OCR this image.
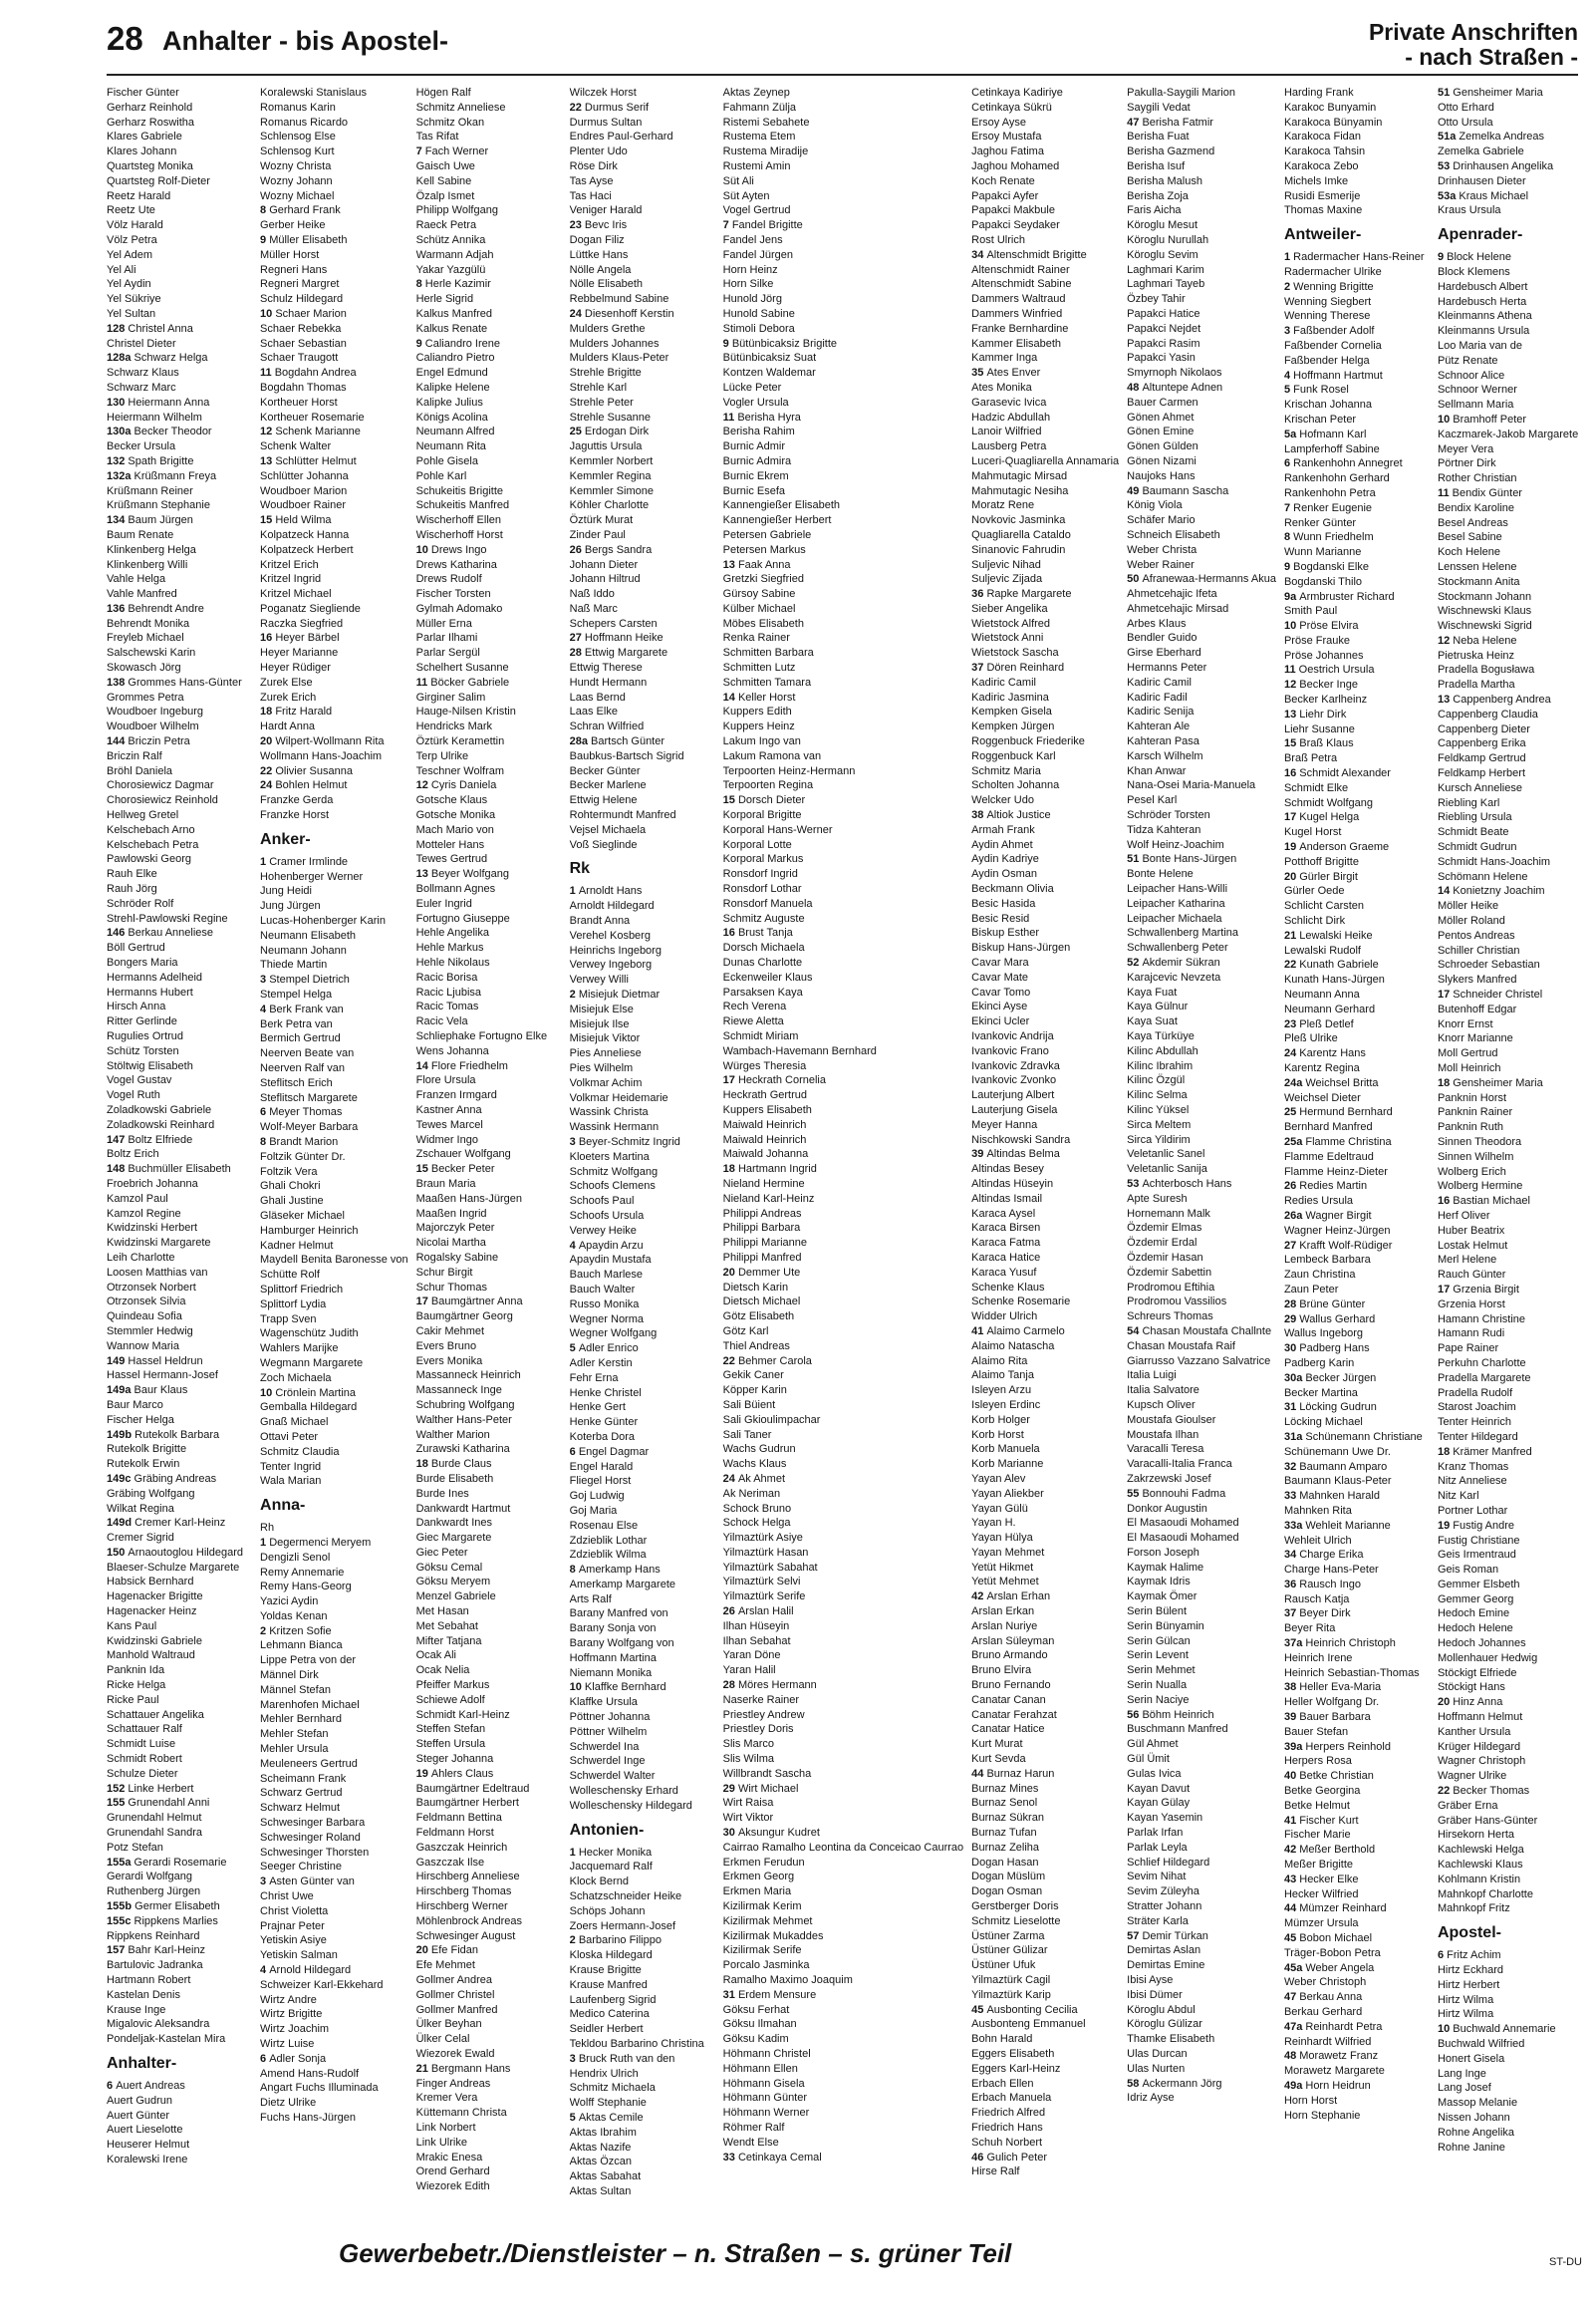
28 Anhalter - bis Apostel-	Private Anschriften
- nach Straßen -
Fischer Günter
Gerharz Reinhold
Gerharz Roswitha
Klares Gabriele
Klares Johann
Quartsteg Monika
Quartsteg Rolf-Dieter
Reetz Harald
Reetz Ute
Völz Harald
Völz Petra
Yel Adem
Yel Ali
Yel Aydin
Yel Sükriye
Yel Sultan
128 Christel Anna
Christel Dieter
128a Schwarz Helga
Schwarz Klaus
Schwarz Marc
130 Heiermann Anna
Heiermann Wilhelm
130a Becker Theodor
Becker Ursula
132 Spath Brigitte
132a Krüßmann Freya
Krüßmann Reiner
Krüßmann Stephanie
134 Baum Jürgen
Baum Renate
Klinkenberg Helga
Klinkenberg Willi
Vahle Helga
Vahle Manfred
136 Behrendt Andre
Behrendt Monika
Freyleb Michael
Salschewski Karin
Skowasch Jörg
138 Grommes Hans-Günter
Grommes Petra
Woudboer Ingeburg
Woudboer Wilhelm
144 Briczin Petra
Briczin Ralf
Bröhl Daniela
Chorosiewicz Dagmar
Chorosiewicz Reinhold
Hellweg Gretel
Kelschebach Arno
Kelschebach Petra
Pawlowski Georg
Rauh Elke
Rauh Jörg
Schröder Rolf
Strehl-Pawlowski Regine
146 Berkau Anneliese
Böll Gertrud
Bongers Maria
Hermanns Adelheid
Hermanns Hubert
Hirsch Anna
Ritter Gerlinde
Rugulies Ortrud
Schütz Torsten
Stöltwig Elisabeth
Vogel Gustav
Vogel Ruth
Zoladkowski Gabriele
Zoladkowski Reinhard
147 Boltz Elfriede
Boltz Erich
148 Buchmüller Elisabeth
Froebrich Johanna
Kamzol Paul
Kamzol Regine
Kwidzinski Herbert
Kwidzinski Margarete
Leih Charlotte
Loosen Matthias van
Otrzonsek Norbert
Otrzonsek Silvia
Quindeau Sofia
Stemmler Hedwig
Wannow Maria
149 Hassel Heldrun
Hassel Hermann-Josef
149a Baur Klaus
Baur Marco
Fischer Helga
149b Rutekolk Barbara
Rutekolk Brigitte
Rutekolk Erwin
149c Gräbing Andreas
Gräbing Wolfgang
Wilkat Regina
149d Cremer Karl-Heinz
Cremer Sigrid
150 Arnaoutoglou Hildegard
Blaeser-Schulze Margarete
Habsick Bernhard
Hagenacker Brigitte
Hagenacker Heinz
Kans Paul
Kwidzinski Gabriele
Manhold Waltraud
Panknin Ida
Ricke Helga
Ricke Paul
Schattauer Angelika
Schattauer Ralf
Schmidt Luise
Schmidt Robert
Schulze Dieter
152 Linke Herbert
155 Grunendahl Anni
Grunendahl Helmut
Grunendahl Sandra
Potz Stefan
155a Gerardi Rosemarie
Gerardi Wolfgang
Ruthenberg Jürgen
155b Germer Elisabeth
155c Rippkens Marlies
Rippkens Reinhard
157 Bahr Karl-Heinz
Bartulovic Jadranka
Hartmann Robert
Kastelan Denis
Krause Inge
Migalovic Aleksandra
Pondeljak-Kastelan Mira
Anhalter-
6 Auert Andreas
Auert Gudrun
Auert Günter
Auert Lieselotte
Heuserer Helmut
Koralewski Irene
Koralewski Stanislaus
Romanus Karin
Romanus Ricardo
Schlensog Else
Schlensog Kurt
Wozny Christa
Wozny Johann
Wozny Michael
8 Gerhard Frank
Gerber Heike
9 Müller Elisabeth
Müller Horst
Regneri Hans
Regneri Margret
Schulz Hildegard
10 Schaer Marion
Schaer Rebekka
Schaer Sebastian
Schaer Traugott
11 Bogdahn Andrea
Bogdahn Thomas
Kortheuer Horst
Kortheuer Rosemarie
12 Schenk Marianne
Schenk Walter
13 Schlütter Helmut
Schlütter Johanna
Woudboer Marion
Woudboer Rainer
15 Held Wilma
Kolpatzeck Hanna
Kolpatzeck Herbert
Kritzel Erich
Kritzel Ingrid
Kritzel Michael
Poganatz Siegliende
Raczka Siegfried
16 Heyer Bärbel
Heyer Marianne
Heyer Rüdiger
Zurek Else
Zurek Erich
18 Fritz Harald
Hardt Anna
20 Wilpert-Wollmann Rita
Wollmann Hans-Joachim
22 Olivier Susanna
24 Bohlen Helmut
Franzke Gerda
Franzke Horst
Anker-
1 Cramer Irmlinde
Hohenberger Werner
Jung Heidi
Jung Jürgen
Lucas-Hohenberger Karin
Neumann Elisabeth
Neumann Johann
Thiede Martin
3 Stempel Dietrich
Stempel Helga
4 Berk Frank van
Berk Petra van
Bermich Gertrud
Neerven Beate van
Neerven Ralf van
Steflitsch Erich
Steflitsch Margarete
6 Meyer Thomas
Wolf-Meyer Barbara
8 Brandt Marion
Foltzik Günter Dr.
Foltzik Vera
Ghali Chokri
Ghali Justine
Gläseker Michael
Hamburger Heinrich
Kadner Helmut
Maydell Benita Baronesse von
Schütte Rolf
Splittorf Friedrich
Splittorf Lydia
Trapp Sven
Wagenschütz Judith
Wahlers Marijke
Wegmann Margarete
Zoch Michaela
10 Crönlein Martina
Gemballa Hildegard
Gnaß Michael
Ottavi Peter
Schmitz Claudia
Tenter Ingrid
Wala Marian
Anna-
Rh
1 Degermenci Meryem
Dengizli Senol
Remy Annemarie
Remy Hans-Georg
Yazici Aydin
Yoldas Kenan
2 Kritzen Sofie
Lehmann Bianca
Lippe Petra von der
Männel Dirk
Männel Stefan
Marenhofen Michael
Mehler Bernhard
Mehler Stefan
Mehler Ursula
Meuleneers Gertrud
Scheimann Frank
Schwarz Gertrud
Schwarz Helmut
Schwesinger Barbara
Schwesinger Roland
Schwesinger Thorsten
Seeger Christine
3 Asten Günter van
Christ Uwe
Christ Violetta
Prajnar Peter
Yetiskin Asiye
Yetiskin Salman
4 Arnold Hildegard
Schweizer Karl-Ekkehard
Wirtz Andre
Wirtz Brigitte
Wirtz Joachim
Wirtz Luise
6 Adler Sonja
Amend Hans-Rudolf
Angart Fuchs Illuminada
Dietz Ulrike
Fuchs Hans-Jürgen
Högen Ralf
Schmitz Anneliese
Schmitz Okan
Tas Rifat
7 Fach Werner
Gaisch Uwe
Kell Sabine
Özalp Ismet
Philipp Wolfgang
Raeck Petra
Schütz Annika
Warmann Adjah
Yakar Yazgülü
8 Herle Kazimir
Herle Sigrid
Kalkus Manfred
Kalkus Renate
9 Caliandro Irene
Caliandro Pietro
Engel Edmund
Kalipke Helene
Kalipke Julius
Königs Acolina
Neumann Alfred
Neumann Rita
Pohle Gisela
Pohle Karl
Schukeitis Brigitte
Schukeitis Manfred
Wischerhoff Ellen
Wischerhoff Horst
10 Drews Ingo
Drews Katharina
Drews Rudolf
Fischer Torsten
Gylmah Adomako
Müller Erna
Parlar Ilhami
Parlar Sergül
Schelhert Susanne
11 Böcker Gabriele
Girginer Salim
Hauge-Nilsen Kristin
Hendricks Mark
Öztürk Keramettin
Terp Ulrike
Teschner Wolfram
12 Cyris Daniela
Gotsche Klaus
Gotsche Monika
Mach Mario von
Motteler Hans
Tewes Gertrud
13 Beyer Wolfgang
Bollmann Agnes
Euler Ingrid
Fortugno Giuseppe
Hehle Angelika
Hehle Markus
Hehle Nikolaus
Racic Borisa
Racic Ljubisa
Racic Tomas
Racic Vela
Schliephake Fortugno Elke
Wens Johanna
14 Flore Friedhelm
Flore Ursula
Franzen Irmgard
Kastner Anna
Tewes Marcel
Widmer Ingo
Zschauer Wolfgang
15 Becker Peter
Braun Maria
Maaßen Hans-Jürgen
Maaßen Ingrid
Majorczyk Peter
Nicolai Martha
Rogalsky Sabine
Schur Birgit
Schur Thomas
17 Baumgärtner Anna
Baumgärtner Georg
Cakir Mehmet
Evers Bruno
Evers Monika
Massanneck Heinrich
Massanneck Inge
Schubring Wolfgang
Walther Hans-Peter
Walther Marion
Zurawski Katharina
18 Burde Claus
Burde Elisabeth
Burde Ines
Dankwardt Hartmut
Dankwardt Ines
Giec Margarete
Giec Peter
Göksu Cemal
Göksu Meryem
Menzel Gabriele
Met Hasan
Met Sebahat
Mifter Tatjana
Ocak Ali
Ocak Nelia
Pfeiffer Markus
Schiewe Adolf
Schmidt Karl-Heinz
Steffen Stefan
Steffen Ursula
Steger Johanna
19 Ahlers Claus
Baumgärtner Edeltraud
Baumgärtner Herbert
Feldmann Bettina
Feldmann Horst
Gaszczak Heinrich
Gaszczak Ilse
Hirschberg Anneliese
Hirschberg Thomas
Hirschberg Werner
Möhlenbrock Andreas
Schwesinger August
20 Efe Fidan
Efe Mehmet
Gollmer Andrea
Gollmer Christel
Gollmer Manfred
Ülker Beyhan
Ülker Celal
Wiezorek Ewald
21 Bergmann Hans
Finger Andreas
Kremer Vera
Küttemann Christa
Link Norbert
Link Ulrike
Mrakic Enesa
Orend Gerhard
Wiezorek Edith
Wilczek Horst
22 Durmus Serif
Durmus Sultan
Endres Paul-Gerhard
Plenter Udo
Röse Dirk
Tas Ayse
Tas Haci
Veniger Harald
23 Bevc Iris
Dogan Filiz
Lüttke Hans
Nölle Angela
Nölle Elisabeth
Rebbelmund Sabine
24 Diesenhoff Kerstin
Mulders Grethe
Mulders Johannes
Mulders Klaus-Peter
Strehle Brigitte
Strehle Karl
Strehle Peter
Strehle Susanne
25 Erdogan Dirk
Jaguttis Ursula
Kemmler Norbert
Kemmler Regina
Kemmler Simone
Köhler Charlotte
Öztürk Murat
Zinder Paul
26 Bergs Sandra
Johann Dieter
Johann Hiltrud
Naß Iddo
Naß Marc
Schepers Carsten
27 Hoffmann Heike
28 Ettwig Margarete
Ettwig Therese
Hundt Hermann
Laas Bernd
Laas Elke
Schran Wilfried
28a Bartsch Günter
Baubkus-Bartsch Sigrid
Becker Günter
Becker Marlene
Ettwig Helene
Rohtermundt Manfred
Vejsel Michaela
Voß Sieglinde
Rk
1 Arnoldt Hans
Arnoldt Hildegard
Brandt Anna
Verehel Kosberg
Heinrichs Ingeborg
Verwey Ingeborg
Verwey Willi
2 Misiejuk Dietmar
Misiejuk Else
Misiejuk Ilse
Misiejuk Viktor
Pies Anneliese
Pies Wilhelm
Volkmar Achim
Volkmar Heidemarie
Wassink Christa
Wassink Hermann
3 Beyer-Schmitz Ingrid
Kloeters Martina
Schmitz Wolfgang
Schoofs Clemens
Schoofs Paul
Schoofs Ursula
Verwey Heike
4 Apaydin Arzu
Apaydin Mustafa
Bauch Marlese
Bauch Walter
Russo Monika
Wegner Norma
Wegner Wolfgang
5 Adler Enrico
Adler Kerstin
Fehr Erna
Henke Christel
Henke Gert
Henke Günter
Koterba Dora
6 Engel Dagmar
Engel Harald
Fliegel Horst
Goj Ludwig
Goj Maria
Rosenau Else
Zdzieblik Lothar
Zdzieblik Wilma
8 Amerkamp Hans
Amerkamp Margarete
Arts Ralf
Barany Manfred von
Barany Sonja von
Barany Wolfgang von
Hoffmann Martina
Niemann Monika
10 Klaffke Bernhard
Klaffke Ursula
Pöttner Johanna
Pöttner Wilhelm
Schwerdel Ina
Schwerdel Inge
Schwerdel Walter
Wolleschensky Erhard
Wolleschensky Hildegard
Antonien-
1 Hecker Monika
Jacquemard Ralf
Klock Bernd
Schatzschneider Heike
Schöps Johann
Zoers Hermann-Josef
2 Barbarino Filippo
Kloska Hildegard
Krause Brigitte
Krause Manfred
Laufenberg Sigrid
Medico Caterina
Seidler Herbert
Tekldou Barbarino Christina
3 Bruck Ruth van den
Hendrix Ulrich
Schmitz Michaela
Wolff Stephanie
5 Aktas Cemile
Aktas Ibrahim
Aktas Nazife
Aktas Özcan
Aktas Sabahat
Aktas Sultan
Aktas Zeynep
Fahmann Zülja
Ristemi Sebahete
Rustema Etem
Rustema Miradije
Rustemi Amin
Süt Ali
Süt Ayten
Vogel Gertrud
7 Fandel Brigitte
Fandel Jens
Fandel Jürgen
Horn Heinz
Horn Silke
Hunold Jörg
Hunold Sabine
Stimoli Debora
9 Bütünbicaksiz Brigitte
Bütünbicaksiz Suat
Kontzen Waldemar
Lücke Peter
Vogler Ursula
11 Berisha Hyra
Berisha Rahim
Burnic Admir
Burnic Admira
Burnic Ekrem
Burnic Esefa
Kannengießer Elisabeth
Kannengießer Herbert
Petersen Gabriele
Petersen Markus
13 Faak Anna
Gretzki Siegfried
Gürsoy Sabine
Külber Michael
Möbes Elisabeth
Renka Rainer
Schmitten Barbara
Schmitten Lutz
Schmitten Tamara
14 Keller Horst
Kuppers Edith
Kuppers Heinz
Lakum Ingo van
Lakum Ramona van
Terpoorten Heinz-Hermann
Terpoorten Regina
15 Dorsch Dieter
Korporal Brigitte
Korporal Hans-Werner
Korporal Lotte
Korporal Markus
Ronsdorf Ingrid
Ronsdorf Lothar
Ronsdorf Manuela
Schmitz Auguste
16 Brust Tanja
Dorsch Michaela
Dunas Charlotte
Eckenweiler Klaus
Parsaksen Kaya
Rech Verena
Riewe Aletta
Schmidt Miriam
Wambach-Havemann Bernhard
Würges Theresia
17 Heckrath Cornelia
Heckrath Gertrud
Kuppers Elisabeth
Maiwald Heinrich
Maiwald Heinrich
Maiwald Johanna
18 Hartmann Ingrid
Nieland Hermine
Nieland Karl-Heinz
Philippi Andreas
Philippi Barbara
Philippi Marianne
Philippi Manfred
20 Demmer Ute
Dietsch Karin
Dietsch Michael
Götz Elisabeth
Götz Karl
Thiel Andreas
22 Behmer Carola
Gekik Caner
Köpper Karin
Sali Büient
Sali Gkioulimpachar
Sali Taner
Wachs Gudrun
Wachs Klaus
24 Ak Ahmet
Ak Neriman
Schock Bruno
Schock Helga
Yilmaztürk Asiye
Yilmaztürk Hasan
Yilmaztürk Sabahat
Yilmaztürk Selvi
Yilmaztürk Serife
26 Arslan Halil
Ilhan Hüseyin
Ilhan Sebahat
Yaran Döne
Yaran Halil
28 Möres Hermann
Naserke Rainer
Priestley Andrew
Priestley Doris
Slis Marco
Slis Wilma
Willbrandt Sascha
29 Wirt Michael
Wirt Raisa
Wirt Viktor
30 Aksungur Kudret
Cairrao Ramalho Leontina da Conceicao Caurrao
Erkmen Ferudun
Erkmen Georg
Erkmen Maria
Kizilirmak Kerim
Kizilirmak Mehmet
Kizilirmak Mukaddes
Kizilirmak Serife
Porcalo Jasminka
Ramalho Maximo Joaquim
31 Erdem Mensure
Göksu Ferhat
Göksu Ilmahan
Göksu Kadim
Höhmann Christel
Höhmann Ellen
Höhmann Gisela
Höhmann Günter
Höhmann Werner
Röhmer Ralf
Wendt Else
33 Cetinkaya Cemal
Cetinkaya Kadiriye
Cetinkaya Sükrü
Ersoy Ayse
Ersoy Mustafa
Jaghou Fatima
Jaghou Mohamed
Koch Renate
Papakci Ayfer
Papakci Makbule
Papakci Seydaker
Rost Ulrich
34 Altenschmidt Brigitte
Altenschmidt Rainer
Altenschmidt Sabine
Dammers Waltraud
Dammers Winfried
Franke Bernhardine
Kammer Elisabeth
Kammer Inga
35 Ates Enver
Ates Monika
Garasevic Ivica
Hadzic Abdullah
Lanoir Wilfried
Lausberg Petra
Luceri-Quagliarella Annamaria
Mahmutagic Mirsad
Mahmutagic Nesiha
Moratz Rene
Novkovic Jasminka
Quagliarella Cataldo
Sinanovic Fahrudin
Suljevic Nihad
Suljevic Zijada
36 Rapke Margarete
Sieber Angelika
Wietstock Alfred
Wietstock Anni
Wietstock Sascha
37 Dören Reinhard
Kadiric Camil
Kadiric Jasmina
Kempken Gisela
Kempken Jürgen
Roggenbuck Friederike
Roggenbuck Karl
Schmitz Maria
Scholten Johanna
Welcker Udo
38 Altiok Justice
Armah Frank
Aydin Ahmet
Aydin Kadriye
Aydin Osman
Beckmann Olivia
Besic Hasida
Besic Resid
Biskup Esther
Biskup Hans-Jürgen
Cavar Mara
Cavar Mate
Cavar Tomo
Ekinci Ayse
Ekinci Ucler
Ivankovic Andrija
Ivankovic Frano
Ivankovic Zdravka
Ivankovic Zvonko
Lauterjung Albert
Lauterjung Gisela
Meyer Hanna
Nischkowski Sandra
39 Altindas Belma
Altindas Besey
Altindas Hüseyin
Altindas Ismail
Karaca Aysel
Karaca Birsen
Karaca Fatma
Karaca Hatice
Karaca Yusuf
Schenke Klaus
Schenke Rosemarie
Widder Ulrich
41 Alaimo Carmelo
Alaimo Natascha
Alaimo Rita
Alaimo Tanja
Isleyen Arzu
Isleyen Erdinc
Korb Holger
Korb Horst
Korb Manuela
Korb Marianne
Yayan Alev
Yayan Aliekber
Yayan Gülü
Yayan H.
Yayan Hülya
Yayan Mehmet
Yetüt Hikmet
Yetüt Mehmet
42 Arslan Erhan
Arslan Erkan
Arslan Nuriye
Arslan Süleyman
Bruno Armando
Bruno Elvira
Bruno Fernando
Canatar Canan
Canatar Ferahzat
Canatar Hatice
Kurt Murat
Kurt Sevda
44 Burnaz Harun
Burnaz Mines
Burnaz Senol
Burnaz Sükran
Burnaz Tufan
Burnaz Zeliha
Dogan Hasan
Dogan Müslüm
Dogan Osman
Gerstberger Doris
Schmitz Lieselotte
Üstüner Zarma
Üstüner Gülizar
Üstüner Ufuk
Yilmaztürk Cagil
Yilmaztürk Karip
45 Ausbonting Cecilia
Ausbonteng Emmanuel
Bohn Harald
Eggers Elisabeth
Eggers Karl-Heinz
Erbach Ellen
Erbach Manuela
Friedrich Alfred
Friedrich Hans
Schuh Norbert
46 Gulich Peter
Hirse Ralf
Pakulla-Saygili Marion
Saygili Vedat
47 Berisha Fatmir
Berisha Fuat
Berisha Gazmend
Berisha Isuf
Berisha Malush
Berisha Zoja
Faris Aicha
Köroglu Mesut
Köroglu Nurullah
Köroglu Sevim
Laghmari Karim
Laghmari Tayeb
Özbey Tahir
Papakci Hatice
Papakci Nejdet
Papakci Rasim
Papakci Yasin
Smyrnoph Nikolaos
48 Altuntepe Adnen
Bauer Carmen
Gönen Ahmet
Gönen Emine
Gönen Gülden
Gönen Nizami
Naujoks Hans
49 Baumann Sascha
König Viola
Schäfer Mario
Schneich Elisabeth
Weber Christa
Weber Rainer
50 Afranewaa-Hermanns Akua
Ahmetcehajic Ifeta
Ahmetcehajic Mirsad
Arbes Klaus
Bendler Guido
Girse Eberhard
Hermanns Peter
Kadiric Camil
Kadiric Fadil
Kadiric Senija
Kahteran Ale
Kahteran Pasa
Karsch Wilhelm
Khan Anwar
Nana-Osei Maria-Manuela
Pesel Karl
Schröder Torsten
Tidza Kahteran
Wolf Heinz-Joachim
51 Bonte Hans-Jürgen
Bonte Helene
Leipacher Hans-Willi
Leipacher Katharina
Leipacher Michaela
Schwallenberg Martina
Schwallenberg Peter
52 Akdemir Sükran
Karajcevic Nevzeta
Kaya Fuat
Kaya Gülnur
Kaya Suat
Kaya Türküye
Kilinc Abdullah
Kilinc Ibrahim
Kilinc Özgül
Kilinc Selma
Kilinc Yüksel
Sirca Meltem
Sirca Yildirim
Veletanlic Sanel
Veletanlic Sanija
53 Achterbosch Hans
Apte Suresh
Hornemann Malk
Özdemir Elmas
Özdemir Erdal
Özdemir Hasan
Özdemir Sabettin
Prodromou Eftihia
Prodromou Vassilios
Schreurs Thomas
54 Chasan Moustafa Challnte
Chasan Moustafa Raif
Giarrusso Vazzano Salvatrice
Italia Luigi
Italia Salvatore
Kupsch Oliver
Moustafa Gioulser
Moustafa Ilhan
Varacalli Teresa
Varacalli-Italia Franca
Zakrzewski Josef
55 Bonnouhi Fadma
Donkor Augustin
El Masaoudi Mohamed
El Masaoudi Mohamed
Forson Joseph
Kaymak Halime
Kaymak Idris
Kaymak Ömer
Serin Bülent
Serin Bünyamin
Serin Gülcan
Serin Levent
Serin Mehmet
Serin Nualla
Serin Naciye
56 Böhm Heinrich
Buschmann Manfred
Gül Ahmet
Gül Ümit
Gulas Ivica
Kayan Davut
Kayan Gülay
Kayan Yasemin
Parlak Irfan
Parlak Leyla
Schlief Hildegard
Sevim Nihat
Sevim Züleyha
Stratter Johann
Sträter Karla
57 Demir Türkan
Demirtas Aslan
Demirtas Emine
Ibisi Ayse
Ibisi Dümer
Köroglu Abdul
Köroglu Gülizar
Thamke Elisabeth
Ulas Durcan
Ulas Nurten
58 Ackermann Jörg
Idriz Ayse
Harding Frank
Karakoc Bunyamin
Karakoca Bünyamin
Karakoca Fidan
Karakoca Tahsin
Karakoca Zebo
Michels Imke
Rusidi Esmerije
Thomas Maxine
Antweiler-
1 Radermacher Hans-Reiner
Radermacher Ulrike
2 Wenning Brigitte
Wenning Siegbert
Wenning Therese
3 Faßbender Adolf
Faßbender Cornelia
Faßbender Helga
4 Hoffmann Hartmut
5 Funk Rosel
Krischan Johanna
Krischan Peter
5a Hofmann Karl
Lampferhoff Sabine
6 Rankenhohn Annegret
Rankenhohn Gerhard
Rankenhohn Petra
7 Renker Eugenie
Renker Günter
8 Wunn Friedhelm
Wunn Marianne
9 Bogdanski Elke
Bogdanski Thilo
9a Armbruster Richard
Smith Paul
10 Pröse Elvira
Pröse Frauke
Pröse Johannes
11 Oestrich Ursula
12 Becker Inge
Becker Karlheinz
13 Liehr Dirk
Liehr Susanne
15 Braß Klaus
Braß Petra
16 Schmidt Alexander
Schmidt Elke
Schmidt Wolfgang
17 Kugel Helga
Kugel Horst
19 Anderson Graeme
Potthoff Brigitte
20 Gürler Birgit
Gürler Oede
Schlicht Carsten
Schlicht Dirk
21 Lewalski Heike
Lewalski Rudolf
22 Kunath Gabriele
Kunath Hans-Jürgen
Neumann Anna
Neumann Gerhard
23 Pleß Detlef
Pleß Ulrike
24 Karentz Hans
Karentz Regina
24a Weichsel Britta
Weichsel Dieter
25 Hermund Bernhard
Bernhard Manfred
25a Flamme Christina
Flamme Edeltraud
Flamme Heinz-Dieter
26 Redies Martin
Redies Ursula
26a Wagner Birgit
Wagner Heinz-Jürgen
27 Krafft Wolf-Rüdiger
Lembeck Barbara
Zaun Christina
Zaun Peter
28 Brüne Günter
29 Wallus Gerhard
Wallus Ingeborg
30 Padberg Hans
Padberg Karin
30a Becker Jürgen
Becker Martina
31 Löcking Gudrun
Löcking Michael
31a Schünemann Christiane
Schünemann Uwe Dr.
32 Baumann Amparo
Baumann Klaus-Peter
33 Mahnken Harald
Mahnken Rita
33a Wehleit Marianne
Wehleit Ulrich
34 Charge Erika
Charge Hans-Peter
36 Rausch Ingo
Rausch Katja
37 Beyer Dirk
Beyer Rita
37a Heinrich Christoph
Heinrich Irene
Heinrich Sebastian-Thomas
38 Heller Eva-Maria
Heller Wolfgang Dr.
39 Bauer Barbara
Bauer Stefan
39a Herpers Reinhold
Herpers Rosa
40 Betke Christian
Betke Georgina
Betke Helmut
41 Fischer Kurt
Fischer Marie
42 Meßer Berthold
Meßer Brigitte
43 Hecker Elke
Hecker Wilfried
44 Mümzer Reinhard
Mümzer Ursula
45 Bobon Michael
Träger-Bobon Petra
45a Weber Angela
Weber Christoph
47 Berkau Anna
Berkau Gerhard
47a Reinhardt Petra
Reinhardt Wilfried
48 Morawetz Franz
Morawetz Margarete
49a Horn Heidrun
Horn Horst
Horn Stephanie
51 Gensheimer Maria
Otto Erhard
Otto Ursula
51a Zemelka Andreas
Zemelka Gabriele
53 Drinhausen Angelika
Drinhausen Dieter
53a Kraus Michael
Kraus Ursula
Apenrader-
9 Block Helene
Block Klemens
Hardebusch Albert
Hardebusch Herta
Kleinmanns Athena
Kleinmanns Ursula
Loo Maria van de
Pütz Renate
Schnoor Alice
Schnoor Werner
Sellmann Maria
10 Bramhoff Peter
Kaczmarek-Jakob Margarete
Meyer Vera
Pörtner Dirk
Rother Christian
11 Bendix Günter
Bendix Karoline
Besel Andreas
Besel Sabine
Koch Helene
Lenssen Helene
Stockmann Anita
Stockmann Johann
Wischnewski Klaus
Wischnewski Sigrid
12 Neba Helene
Pietruska Heinz
Pradella Bogusława
Pradella Martha
13 Cappenberg Andrea
Cappenberg Claudia
Cappenberg Dieter
Cappenberg Erika
Feldkamp Gertrud
Feldkamp Herbert
Kursch Anneliese
Riebling Karl
Riebling Ursula
Schmidt Beate
Schmidt Gudrun
Schmidt Hans-Joachim
Schömann Helene
14 Konietzny Joachim
Möller Heike
Möller Roland
Pentos Andreas
Schiller Christian
Schroeder Sebastian
Slykers Manfred
17 Schneider Christel
Butenhoff Edgar
Knorr Ernst
Knorr Marianne
Moll Gertrud
Moll Heinrich
18 Gensheimer Maria
Panknin Horst
Panknin Rainer
Panknin Ruth
Sinnen Theodora
Sinnen Wilhelm
Wolberg Erich
Wolberg Hermine
16 Bastian Michael
Herf Oliver
Huber Beatrix
Lostak Helmut
Merl Helene
Rauch Günter
17 Grzenia Birgit
Grzenia Horst
Hamann Christine
Hamann Rudi
Pape Rainer
Perkuhn Charlotte
Pradella Margarete
Pradella Rudolf
Starost Joachim
Tenter Heinrich
Tenter Hildegard
18 Krämer Manfred
Kranz Thomas
Nitz Anneliese
Nitz Karl
Portner Lothar
19 Fustig Andre
Fustig Christiane
Geis Irmentraud
Geis Roman
Gemmer Elsbeth
Gemmer Georg
Hedoch Emine
Hedoch Helene
Hedoch Johannes
Mollenhauer Hedwig
Stöckigt Elfriede
Stöckigt Hans
20 Hinz Anna
Hoffmann Helmut
Kanther Ursula
Krüger Hildegard
Wagner Christoph
Wagner Ulrike
22 Becker Thomas
Gräber Erna
Gräber Hans-Günter
Hirsekorn Herta
Kachlewski Helga
Kachlewski Klaus
Kohlmann Kristin
Mahnkopf Charlotte
Mahnkopf Fritz
Apostel-
6 Fritz Achim
Hirtz Eckhard
Hirtz Herbert
Hirtz Wilma
Hirtz Wilma
10 Buchwald Annemarie
Buchwald Wilfried
Honert Gisela
Lang Inge
Lang Josef
Massop Melanie
Nissen Johann
Rohne Angelika
Rohne Janine
Gewerbebetr./Dienstleister – n. Straßen – s. grüner Teil	ST-DU
